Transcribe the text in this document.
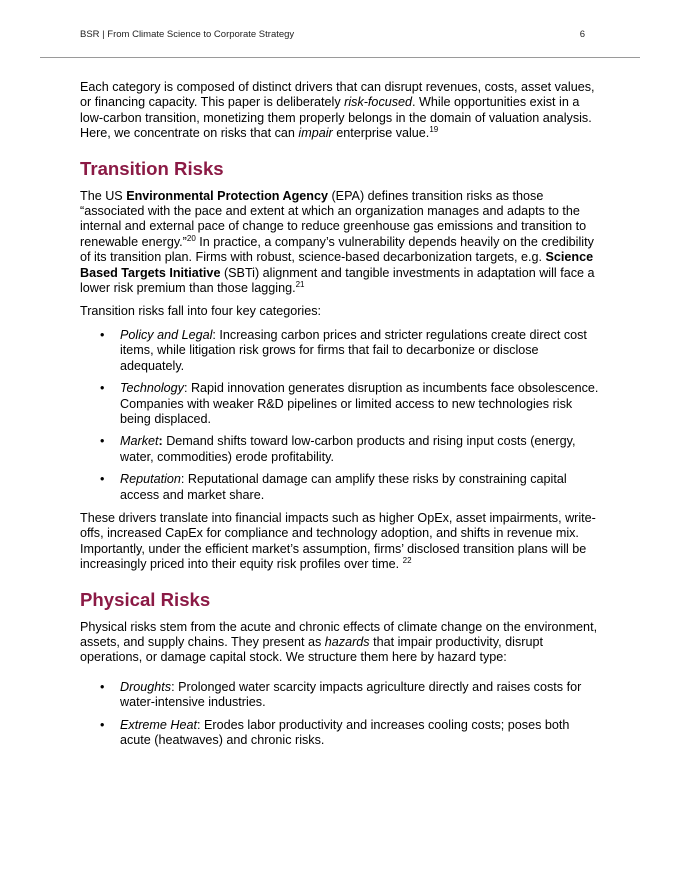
BSR | From Climate Science to Corporate Strategy	6

Each category is composed of distinct drivers that can disrupt revenues, costs, asset values, or financing capacity. This paper is deliberately risk-focused. While opportunities exist in a low-carbon transition, monetizing them properly belongs in the domain of valuation analysis. Here, we concentrate on risks that can impair enterprise value.$^{19}$

Transition Risks

The US Environmental Protection Agency (EPA) defines transition risks as those “associated with the pace and extent at which an organization manages and adapts to the internal and external pace of change to reduce greenhouse gas emissions and transition to renewable energy.”$^{20}$ In practice, a company’s vulnerability depends heavily on the credibility of its transition plan. Firms with robust, science-based decarbonization targets, e.g. Science Based Targets Initiative (SBTi) alignment and tangible investments in adaptation will face a lower risk premium than those lagging.$^{21}$

Transition risks fall into four key categories:

• Policy and Legal: Increasing carbon prices and stricter regulations create direct cost items, while litigation risk grows for firms that fail to decarbonize or disclose adequately.
• Technology: Rapid innovation generates disruption as incumbents face obsolescence. Companies with weaker R&D pipelines or limited access to new technologies risk being displaced.
• Market: Demand shifts toward low-carbon products and rising input costs (energy, water, commodities) erode profitability.
• Reputation: Reputational damage can amplify these risks by constraining capital access and market share.

These drivers translate into financial impacts such as higher OpEx, asset impairments, write-offs, increased CapEx for compliance and technology adoption, and shifts in revenue mix. Importantly, under the efficient market’s assumption, firms’ disclosed transition plans will be increasingly priced into their equity risk profiles over time. $^{22}$

Physical Risks

Physical risks stem from the acute and chronic effects of climate change on the environment, assets, and supply chains. They present as hazards that impair productivity, disrupt operations, or damage capital stock. We structure them here by hazard type:

• Droughts: Prolonged water scarcity impacts agriculture directly and raises costs for water-intensive industries.
• Extreme Heat: Erodes labor productivity and increases cooling costs; poses both acute (heatwaves) and chronic risks.
